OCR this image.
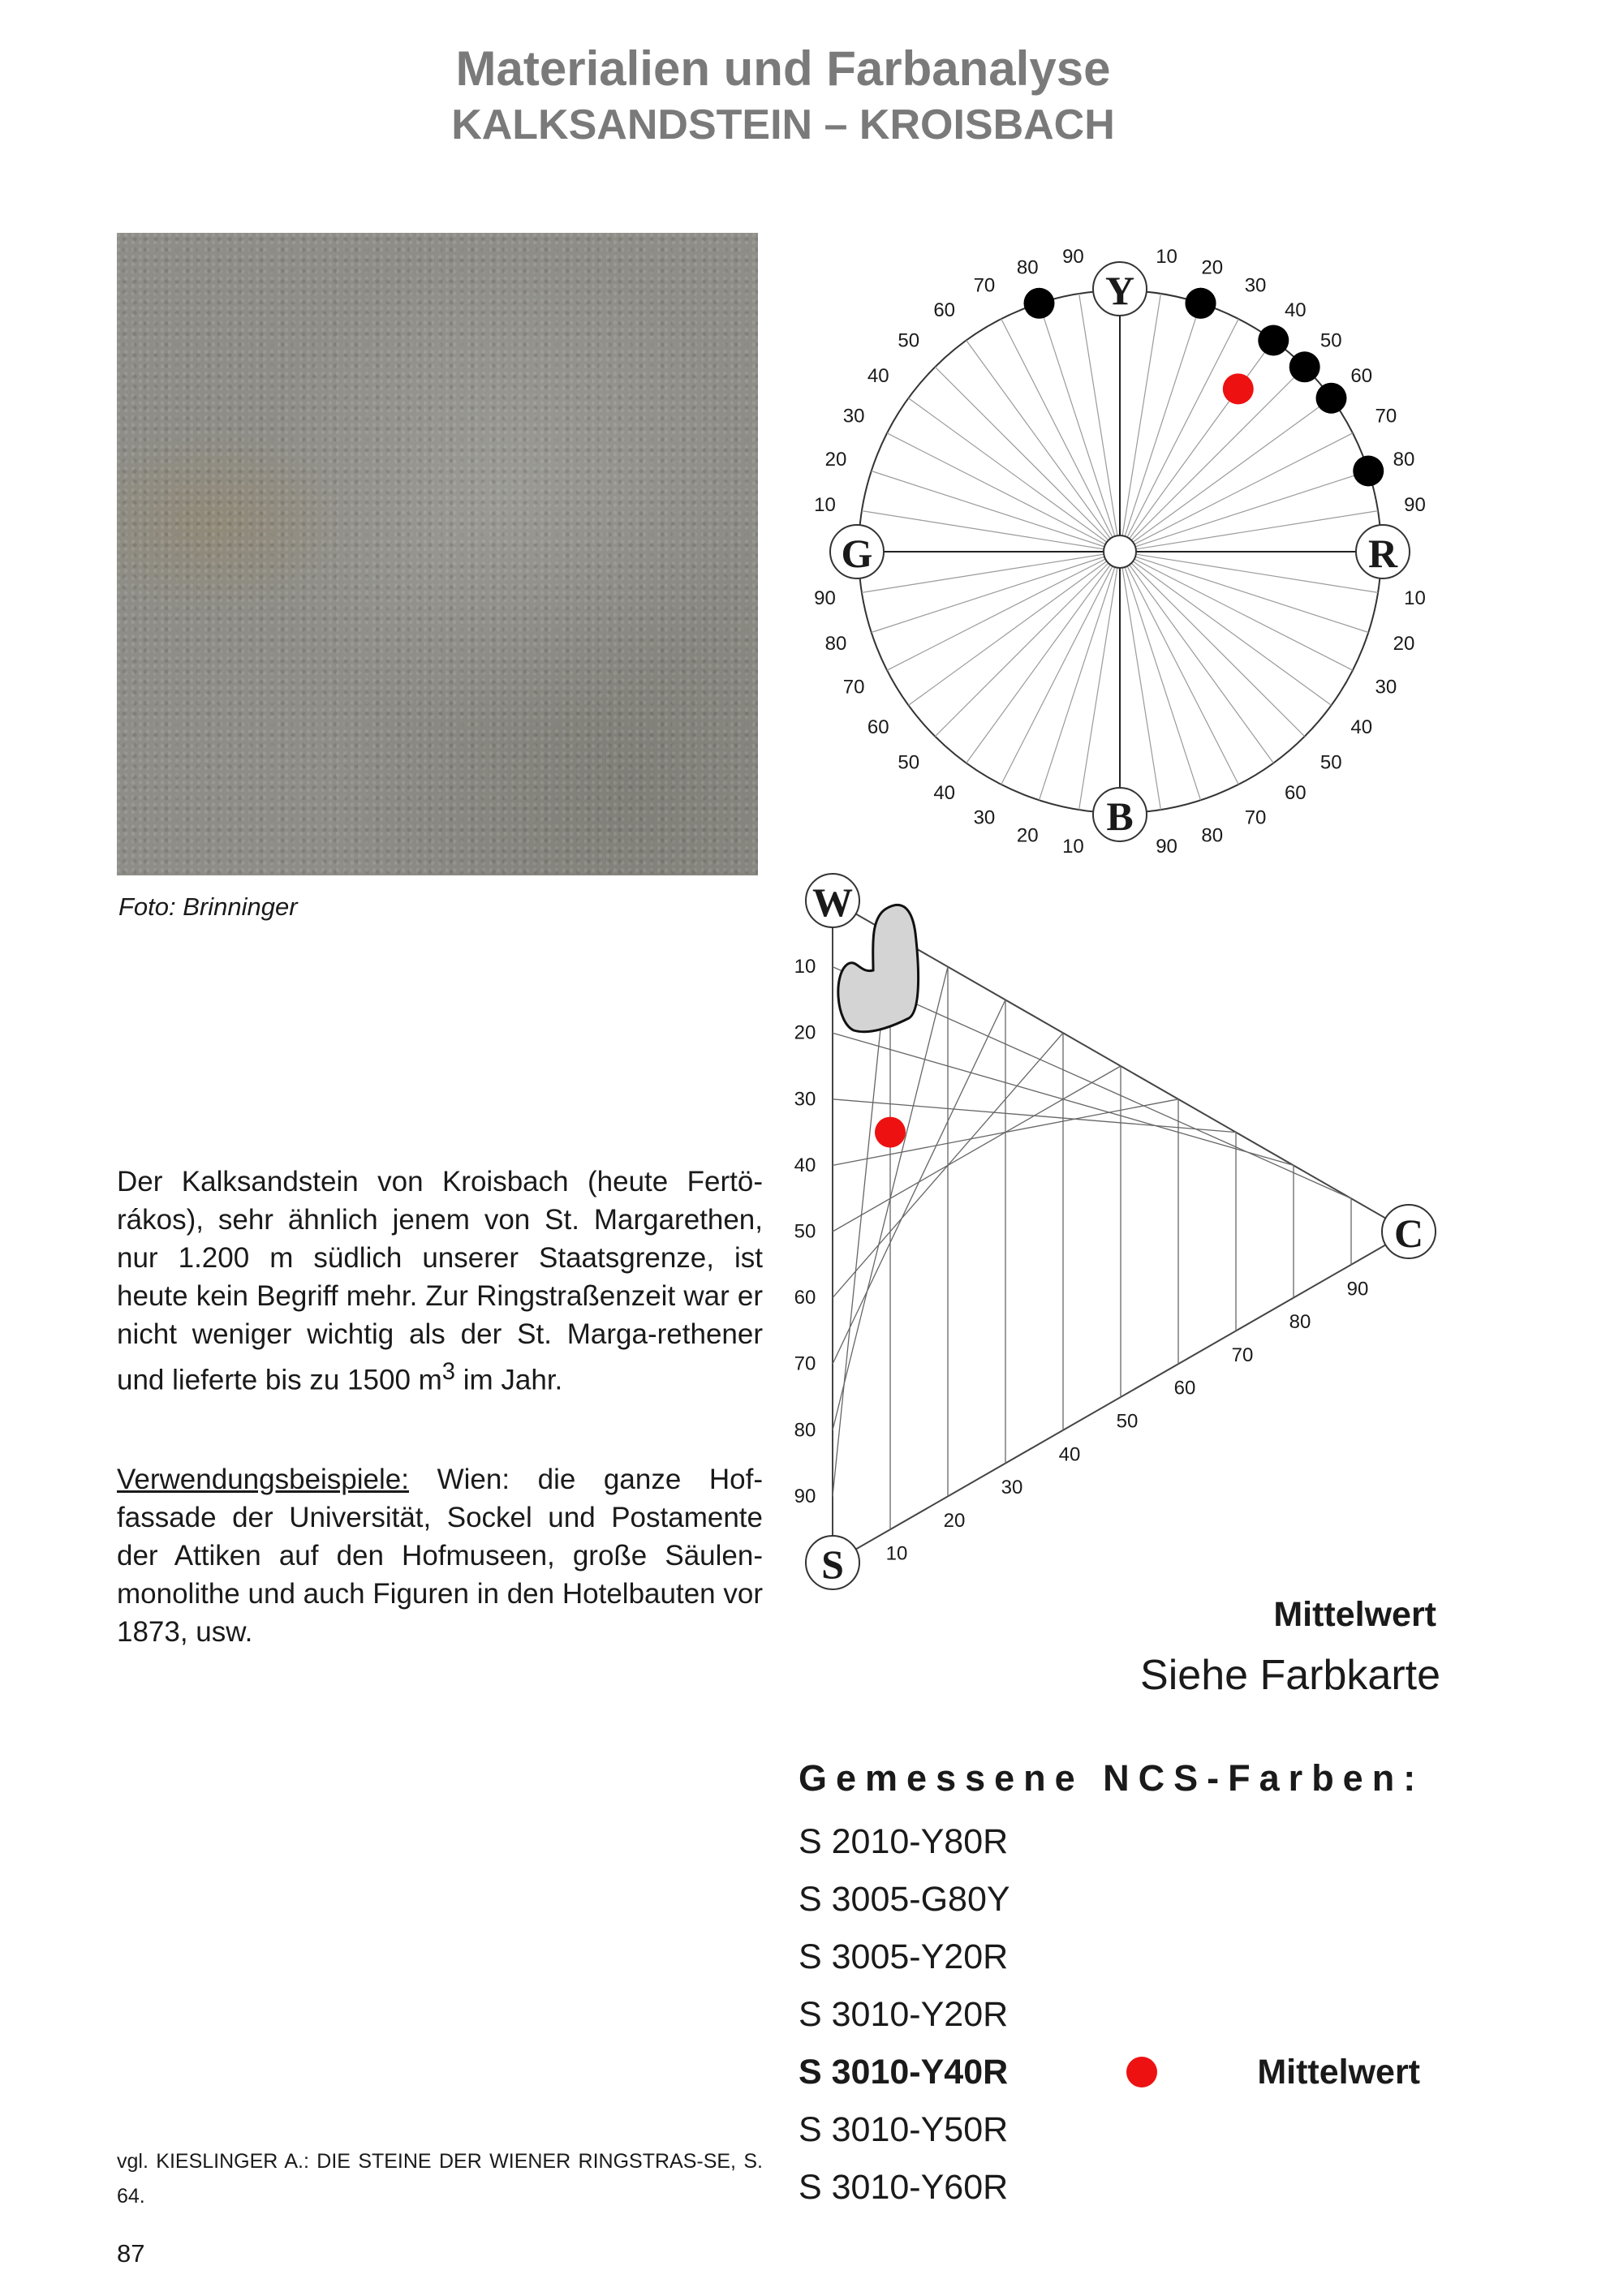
Materialien und Farbanalyse
KALKSANDSTEIN – KROISBACH
Foto: Brinninger
Der Kalksandstein von Kroisbach (heute Fertö-rákos), sehr ähnlich jenem von St. Margarethen, nur 1.200 m südlich unserer Staatsgrenze, ist heute kein Begriff mehr. Zur Ringstraßenzeit war er nicht weniger wichtig als der St. Marga-rethener und lieferte bis zu 1500 $m^3$ im Jahr.
Verwendungsbeispiele: Wien: die ganze Hof-fassade der Universität, Sockel und Postamente der Attiken auf den Hofmuseen, große Säulen-monolithe und auch Figuren in den Hotelbauten vor 1873, usw.
vgl. KIESLINGER A.: DIE STEINE DER WIENER RINGSTRAS-SE, S. 64.
87
10 20
30
40
50
60
70
80
90
10
20
30
40
50
60
70
80
90
10
20
30
40
50
60
70
80
90
10
20
30
40
50
60
70
80 90
Y
R
B
G
10
20
30
40
50
60
70
80
90
10
20
30
40
50
60
70
80
90
W
C
S
Mittelwert
Siehe Farbkarte
Gemessene NCS-Farben:
S 2010-Y80R
S 3005-G80Y
S 3005-Y20R
S 3010-Y20R
S 3010-Y40R	Mittelwert
S 3010-Y50R
S 3010-Y60R
